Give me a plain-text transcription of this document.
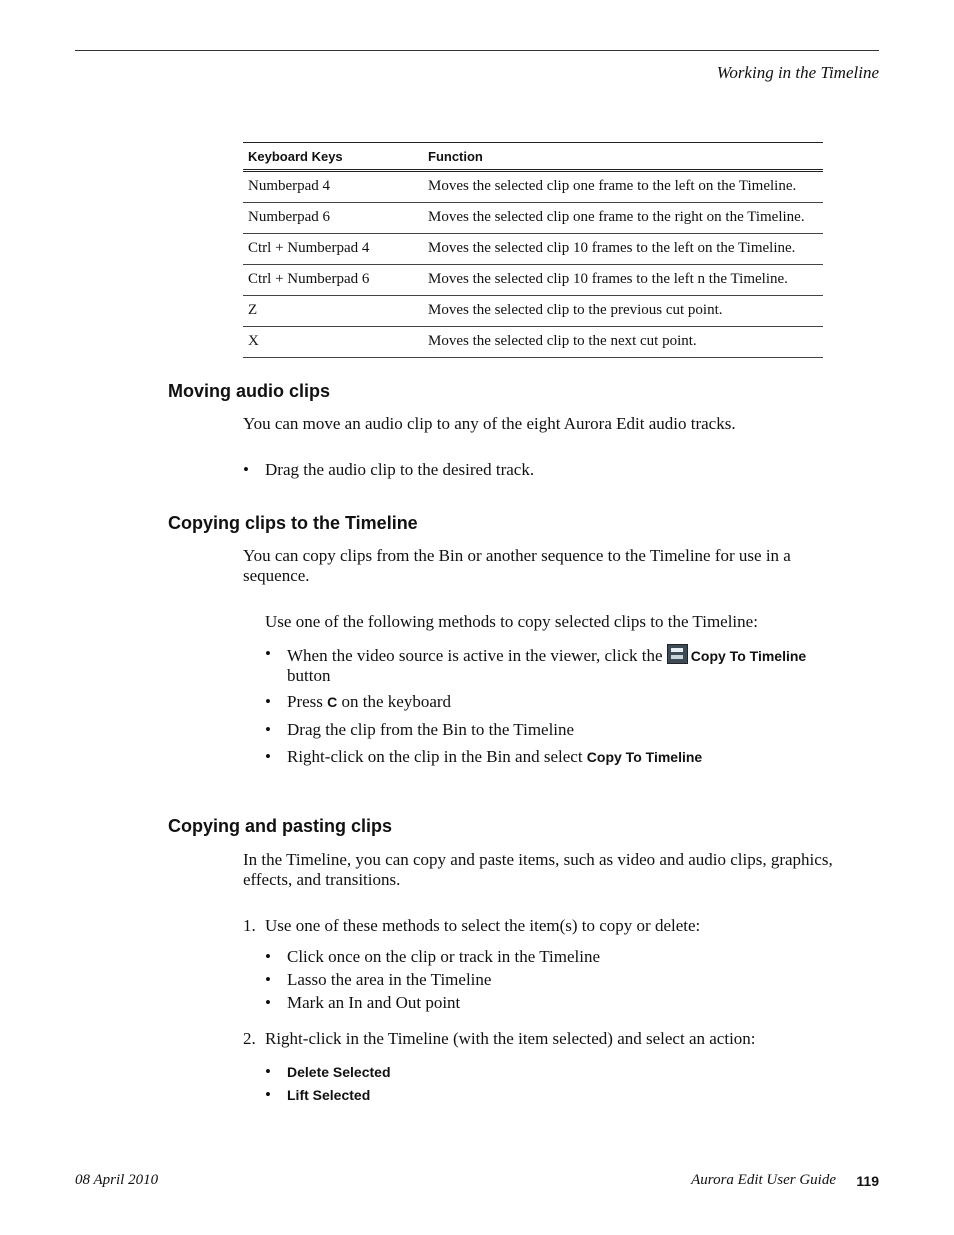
Working in the Timeline
Keyboard Keys	Function
Numberpad 4	Moves the selected clip one frame to the left on the Timeline.
Numberpad 6	Moves the selected clip one frame to the right on the Timeline.
Ctrl + Numberpad 4	Moves the selected clip 10 frames to the left on the Timeline.
Ctrl + Numberpad 6	Moves the selected clip 10 frames to the left n the Timeline.
Z	Moves the selected clip to the previous cut point.
X	Moves the selected clip to the next cut point.
Moving audio clips

You can move an audio clip to any of the eight Aurora Edit audio tracks.

• Drag the audio clip to the desired track.
Copying clips to the Timeline

You can copy clips from the Bin or another sequence to the Timeline for use in a
sequence.

Use one of the following methods to copy selected clips to the Timeline:

• When the video source is active in the viewer, click the Copy To Timeline
button
• Press C on the keyboard
• Drag the clip from the Bin to the Timeline
• Right-click on the clip in the Bin and select Copy To Timeline
Copying and pasting clips

In the Timeline, you can copy and paste items, such as video and audio clips, graphics,
effects, and transitions.

1. Use one of these methods to select the item(s) to copy or delete:
• Click once on the clip or track in the Timeline
• Lasso the area in the Timeline
• Mark an In and Out point
2. Right-click in the Timeline (with the item selected) and select an action:
• Delete Selected
• Lift Selected
08 April 2010	Aurora Edit User Guide 119
